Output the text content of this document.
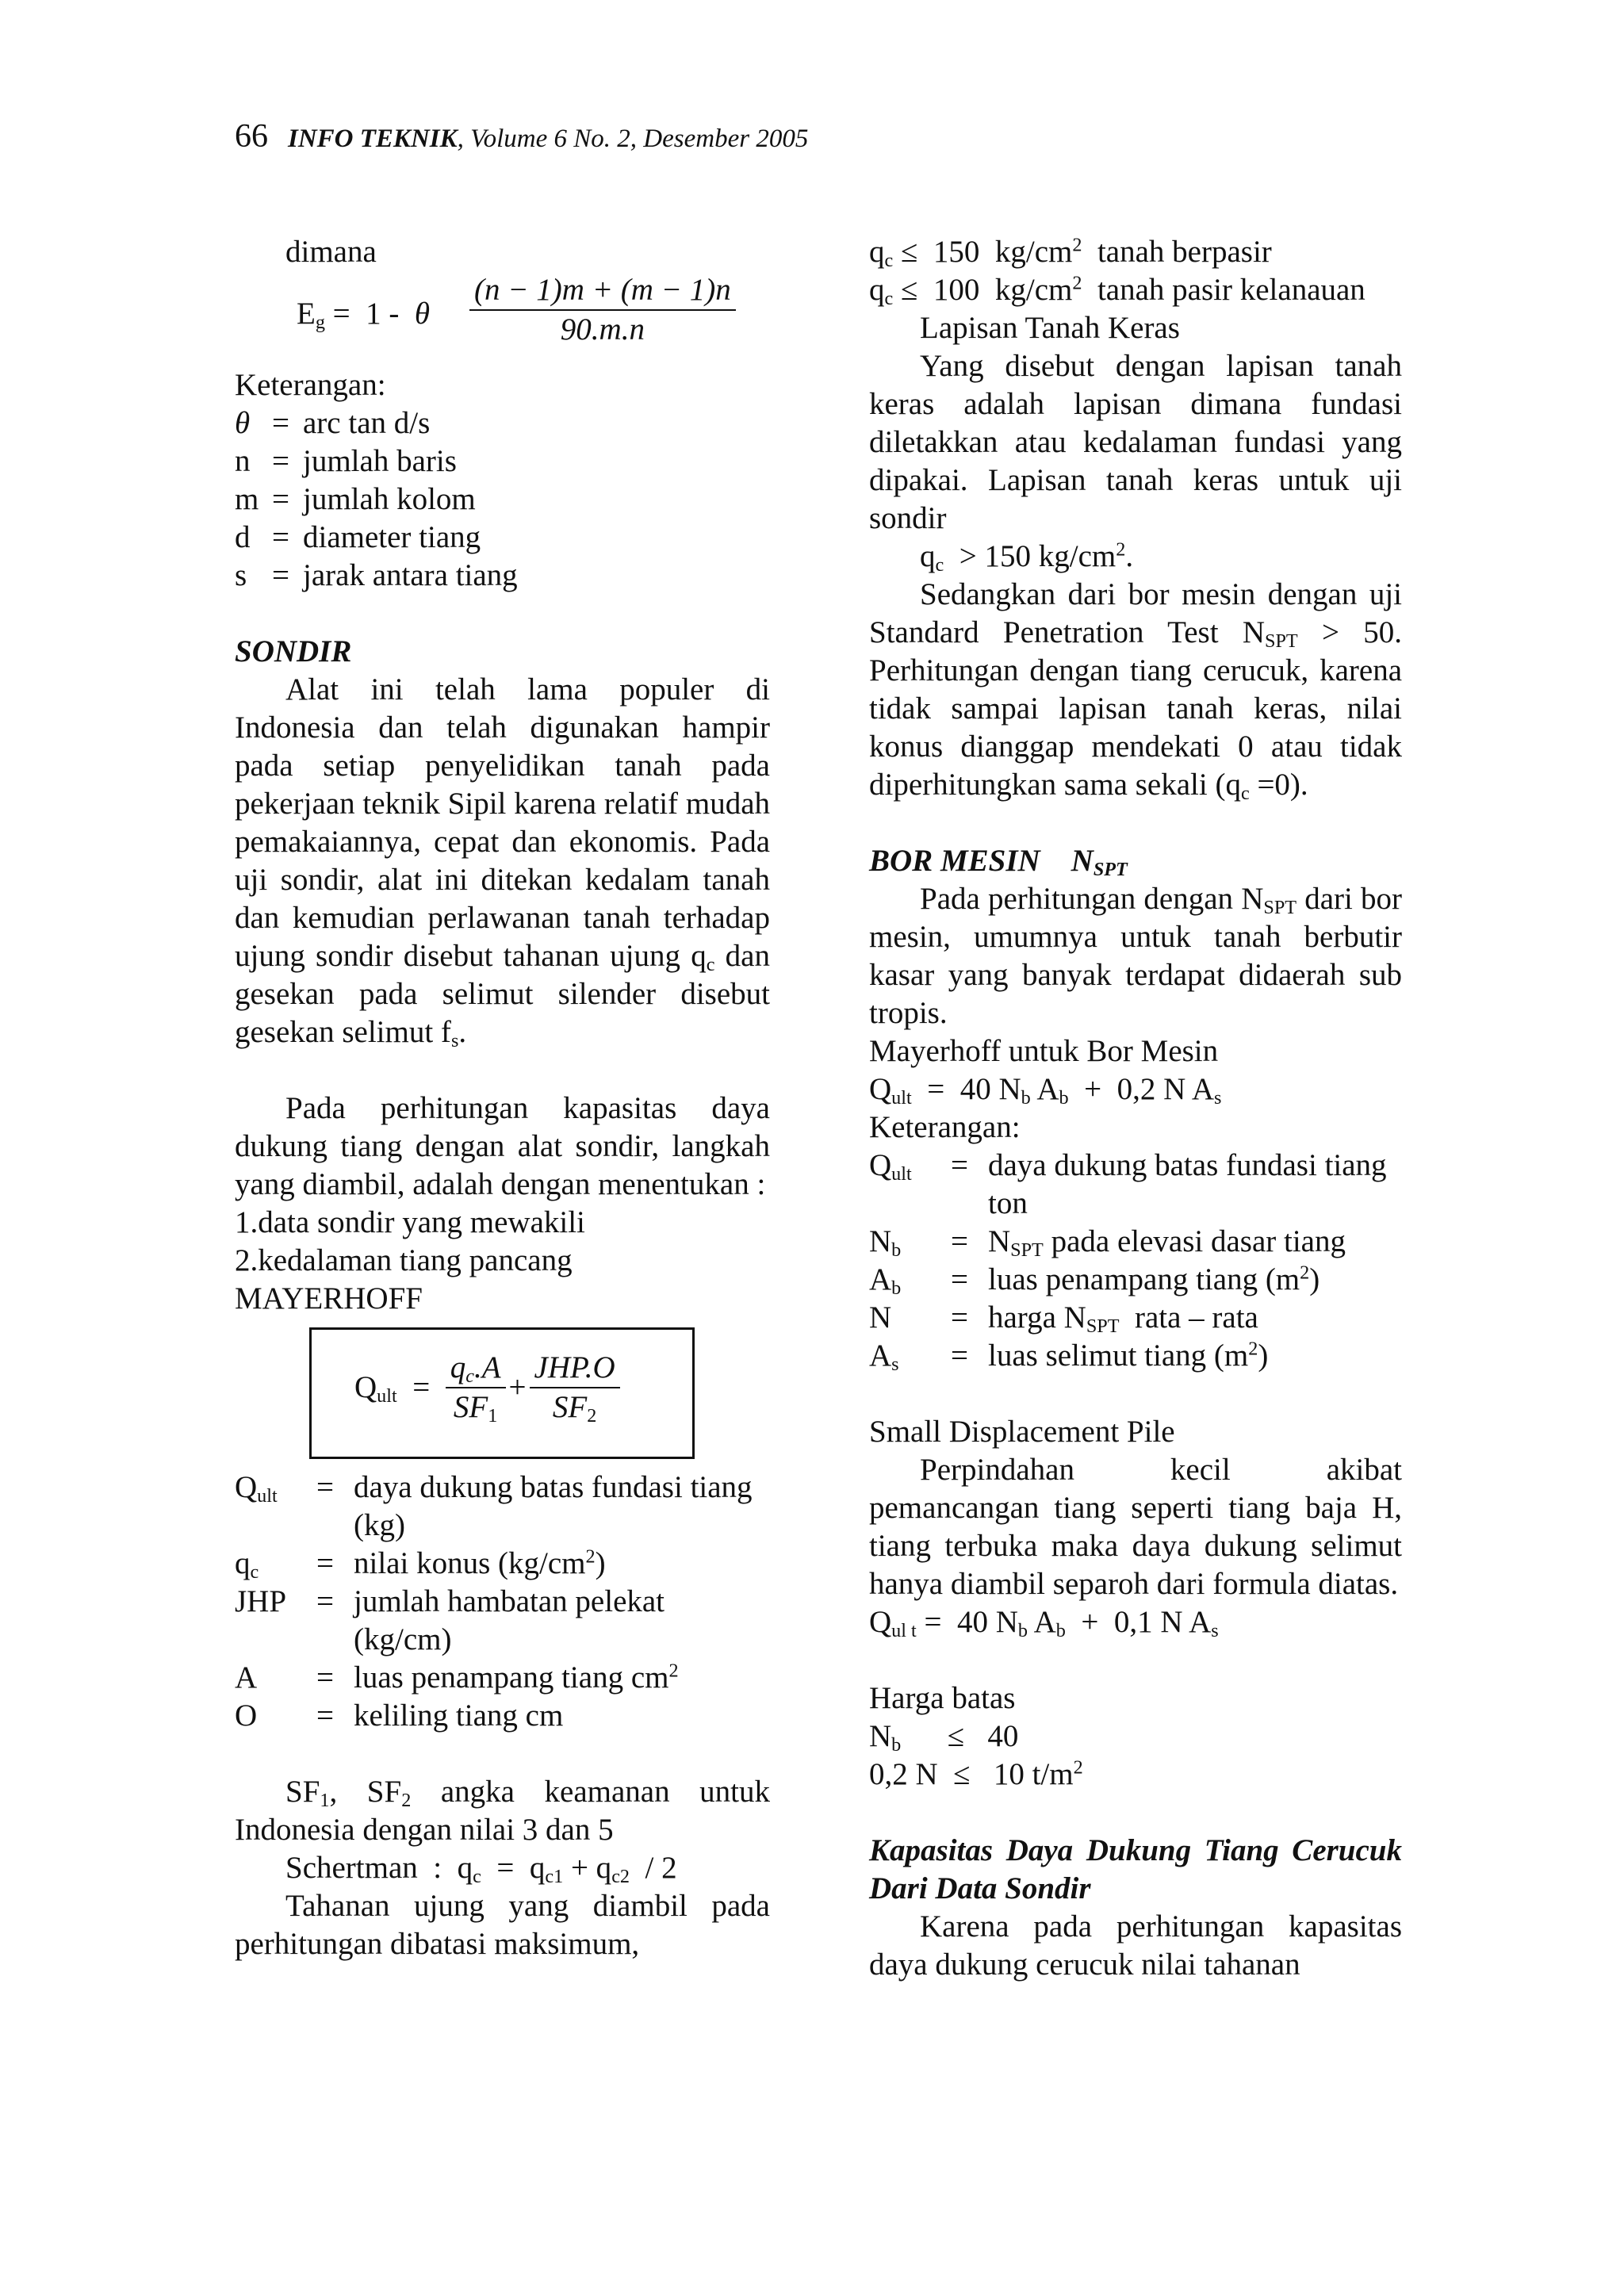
66 INFO TEKNIK, Volume 6 No. 2, Desember 2005

dimana

$E_g = 1 - \theta \frac{(n - 1)m + (m - 1)n}{90.m.n}$

Keterangan:

θ = arc tan d/s
n = jumlah baris
m = jumlah kolom
d = diameter tiang
s = jarak antara tiang

SONDIR

Alat ini telah lama populer di Indonesia dan telah digunakan hampir pada setiap penyelidikan tanah pada pekerjaan teknik Sipil karena relatif mudah pemakaiannya, cepat dan ekonomis. Pada uji sondir, alat ini ditekan kedalam tanah dan kemudian perlawanan tanah terhadap ujung sondir disebut tahanan ujung $q_c$ dan gesekan pada selimut silender disebut gesekan selimut $f_s$.

Pada perhitungan kapasitas daya dukung tiang dengan alat sondir, langkah yang diambil, adalah dengan menentukan :

1.data sondir yang mewakili

2.kedalaman tiang pancang

MAYERHOFF

$Q_{ult} = \frac{q_c.A}{SF_1} + \frac{\text{JHP.O}}{SF_2}$
$Q_{ult}$	= daya dukung batas fundasi tiang (kg)
$q_c$	= nilai konus $(kg/cm^2)$
JHP = jumlah hambatan pelekat (kg/cm)
A	= luas penampang tiang $cm^2$
O	= keliling tiang cm

$SF_1$, $SF_2$ angka keamanan untuk Indonesia dengan nilai 3 dan 5

Schertman  :  $q_c = q_{c1} + q_{c2} / 2$

Tahanan ujung yang diambil pada perhitungan dibatasi maksimum,

$q_c \le 150$  $kg/cm^2$  tanah berpasir

$q_c \le 100$  $kg/cm^2$  tanah pasir kelanauan

Lapisan Tanah Keras

Yang disebut dengan lapisan tanah keras adalah lapisan dimana fundasi diletakkan atau kedalaman fundasi yang dipakai. Lapisan tanah keras untuk uji sondir

$q_c > 150$ $kg/cm^2$.

Sedangkan dari bor mesin dengan uji Standard Penetration Test $N_{SPT} > 50$. Perhitungan dengan tiang cerucuk, karena tidak sampai lapisan tanah keras, nilai konus dianggap mendekati 0 atau tidak diperhitungkan sama sekali $(q_c =0)$.

BOR MESIN $N_{SPT}$

Pada perhitungan dengan $N_{SPT}$ dari bor mesin, umumnya untuk tanah berbutir kasar yang banyak terdapat didaerah sub tropis.

Mayerhoff untuk Bor Mesin

$Q_{ult} = 40$ $N_b$ $A_b + 0,2$ N $A_s$

Keterangan:

$Q_{ult}$	= daya dukung batas fundasi tiang ton
$N_b$	= $N_{SPT}$ pada elevasi dasar tiang
$A_b$	= luas penampang tiang $(m^2)$
N	= harga $N_{SPT}$  rata – rata
$A_s$	= luas selimut tiang $(m^2)$

Small Displacement Pile

Perpindahan kecil akibat pemancangan tiang seperti tiang baja H, tiang terbuka maka daya dukung selimut hanya diambil separoh dari formula diatas.

$Q_{ul t} = 40$ $N_b$ $A_b + 0,1$ N $A_s$

Harga batas

$N_b$      ≤   40

0,2 N  ≤   10 $t/m^2$

Kapasitas Daya Dukung Tiang Cerucuk Dari Data Sondir

Karena pada perhitungan kapasitas daya dukung cerucuk nilai tahanan
